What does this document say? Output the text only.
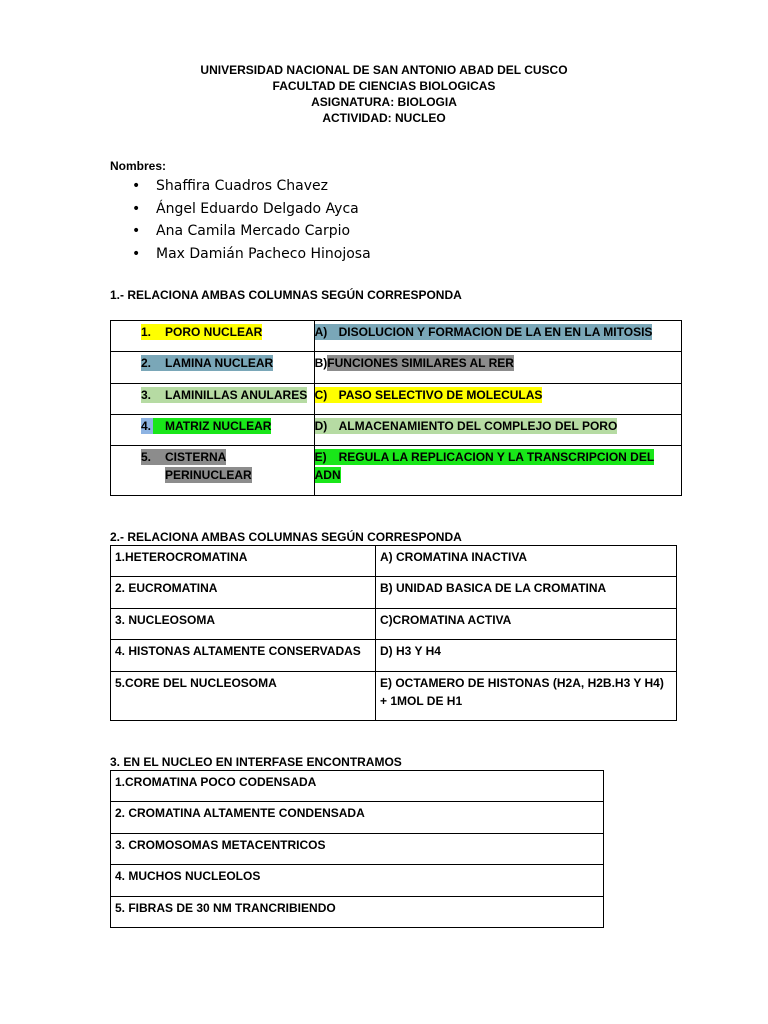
UNIVERSIDAD NACIONAL DE SAN ANTONIO ABAD DEL CUSCO
FACULTAD DE CIENCIAS BIOLOGICAS
ASIGNATURA: BIOLOGIA
ACTIVIDAD: NUCLEO
Nombres:
• Shaffira Cuadros Chavez
• Ángel Eduardo Delgado Ayca
• Ana Camila Mercado Carpio
• Max Damián Pacheco Hinojosa
1.- RELACIONA AMBAS COLUMNAS SEGÚN CORRESPONDA
1. PORO NUCLEAR	A) DISOLUCION Y FORMACION DE LA EN EN LA MITOSIS

2. LAMINA NUCLEAR	B)FUNCIONES SIMILARES AL RER

3. LAMINILLAS ANULARES	C) PASO SELECTIVO DE MOLECULAS

4. MATRIZ NUCLEAR	D) ALMACENAMIENTO DEL COMPLEJO DEL PORO

5. CISTERNA
PERINUCLEAR	E) REGULA LA REPLICACION Y LA TRANSCRIPCION DEL ADN
2.- RELACIONA AMBAS COLUMNAS SEGÚN CORRESPONDA
1.HETEROCROMATINA	A) CROMATINA INACTIVA

2. EUCROMATINA	B) UNIDAD BASICA DE LA CROMATINA

3. NUCLEOSOMA	C)CROMATINA ACTIVA

4. HISTONAS ALTAMENTE CONSERVADAS	D) H3 Y H4

5.CORE DEL NUCLEOSOMA	E) OCTAMERO DE HISTONAS (H2A, H2B.H3 Y H4)
+ 1MOL DE H1
3. EN EL NUCLEO EN INTERFASE ENCONTRAMOS
1.CROMATINA POCO CODENSADA

2. CROMATINA ALTAMENTE CONDENSADA

3. CROMOSOMAS METACENTRICOS

4. MUCHOS NUCLEOLOS

5. FIBRAS DE 30 NM TRANCRIBIENDO
